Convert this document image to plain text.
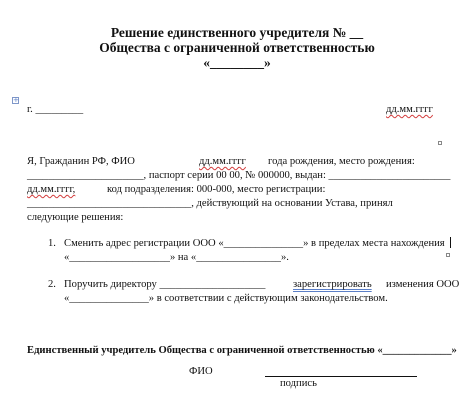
Решение единственного учредителя № __
Общества с ограниченной ответственностью
«________»
+
г. _________	дд.мм.гггг
Я, Гражданин РФ, ФИО	дд.мм.гггг года рождения, место рождения:
______________________, паспорт серии 00 00, № 000000, выдан: _______________________
дд.мм.гггг,	код подразделения: 000-000, место регистрации:
_______________________________, действующий на основании Устава, принял
следующие решения:
1. Сменить адрес регистрации ООО «_______________» в пределах места нахождения
«___________________» на «________________».
2. Поручить директору ____________________	зарегистрировать изменения ООО
«_______________» в соответствии с действующим законодательством.
Единственный учредитель Общества с ограниченной ответственностью «_____________»
ФИО
подпись
